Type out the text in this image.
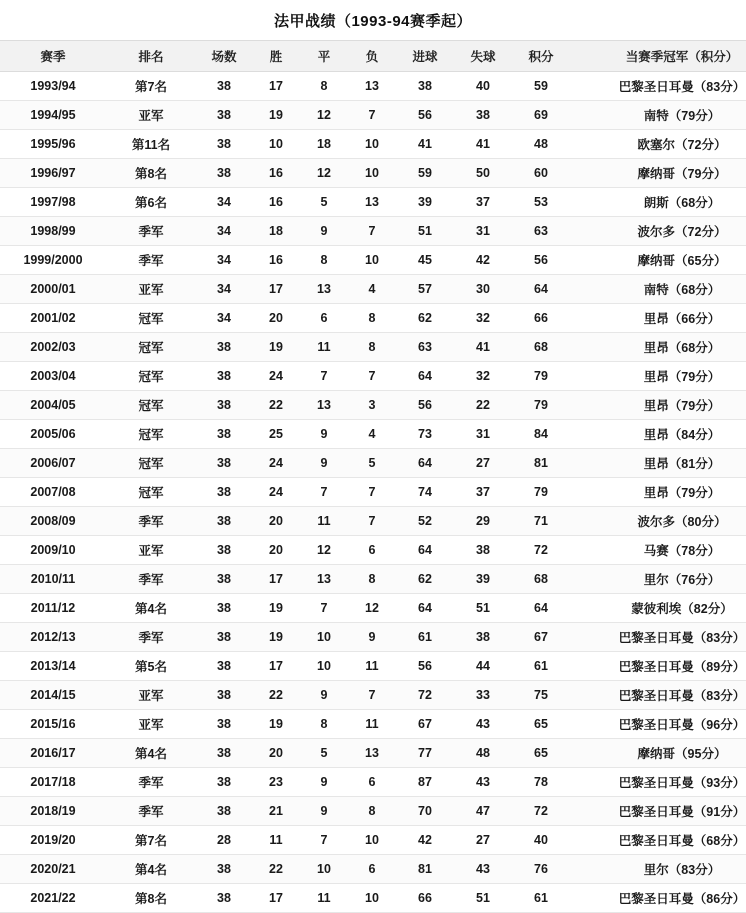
法甲战绩（1993-94赛季起）
赛季	排名	场数	胜	平	负	进球	失球	积分	当赛季冠军（积分）
1993/94	第7名	38	17	8	13	38	40	59	巴黎圣日耳曼（83分）
1994/95	亚军	38	19	12	7	56	38	69	南特（79分）
1995/96	第11名	38	10	18	10	41	41	48	欧塞尔（72分）
1996/97	第8名	38	16	12	10	59	50	60	摩纳哥（79分）
1997/98	第6名	34	16	5	13	39	37	53	朗斯（68分）
1998/99	季军	34	18	9	7	51	31	63	波尔多（72分）
1999/2000	季军	34	16	8	10	45	42	56	摩纳哥（65分）
2000/01	亚军	34	17	13	4	57	30	64	南特（68分）
2001/02	冠军	34	20	6	8	62	32	66	里昂（66分）
2002/03	冠军	38	19	11	8	63	41	68	里昂（68分）
2003/04	冠军	38	24	7	7	64	32	79	里昂（79分）
2004/05	冠军	38	22	13	3	56	22	79	里昂（79分）
2005/06	冠军	38	25	9	4	73	31	84	里昂（84分）
2006/07	冠军	38	24	9	5	64	27	81	里昂（81分）
2007/08	冠军	38	24	7	7	74	37	79	里昂（79分）
2008/09	季军	38	20	11	7	52	29	71	波尔多（80分）
2009/10	亚军	38	20	12	6	64	38	72	马赛（78分）
2010/11	季军	38	17	13	8	62	39	68	里尔（76分）
2011/12	第4名	38	19	7	12	64	51	64	蒙彼利埃（82分）
2012/13	季军	38	19	10	9	61	38	67	巴黎圣日耳曼（83分）
2013/14	第5名	38	17	10	11	56	44	61	巴黎圣日耳曼（89分）
2014/15	亚军	38	22	9	7	72	33	75	巴黎圣日耳曼（83分）
2015/16	亚军	38	19	8	11	67	43	65	巴黎圣日耳曼（96分）
2016/17	第4名	38	20	5	13	77	48	65	摩纳哥（95分）
2017/18	季军	38	23	9	6	87	43	78	巴黎圣日耳曼（93分）
2018/19	季军	38	21	9	8	70	47	72	巴黎圣日耳曼（91分）
2019/20	第7名	28	11	7	10	42	27	40	巴黎圣日耳曼（68分）
2020/21	第4名	38	22	10	6	81	43	76	里尔（83分）
2021/22	第8名	38	17	11	10	66	51	61	巴黎圣日耳曼（86分）
